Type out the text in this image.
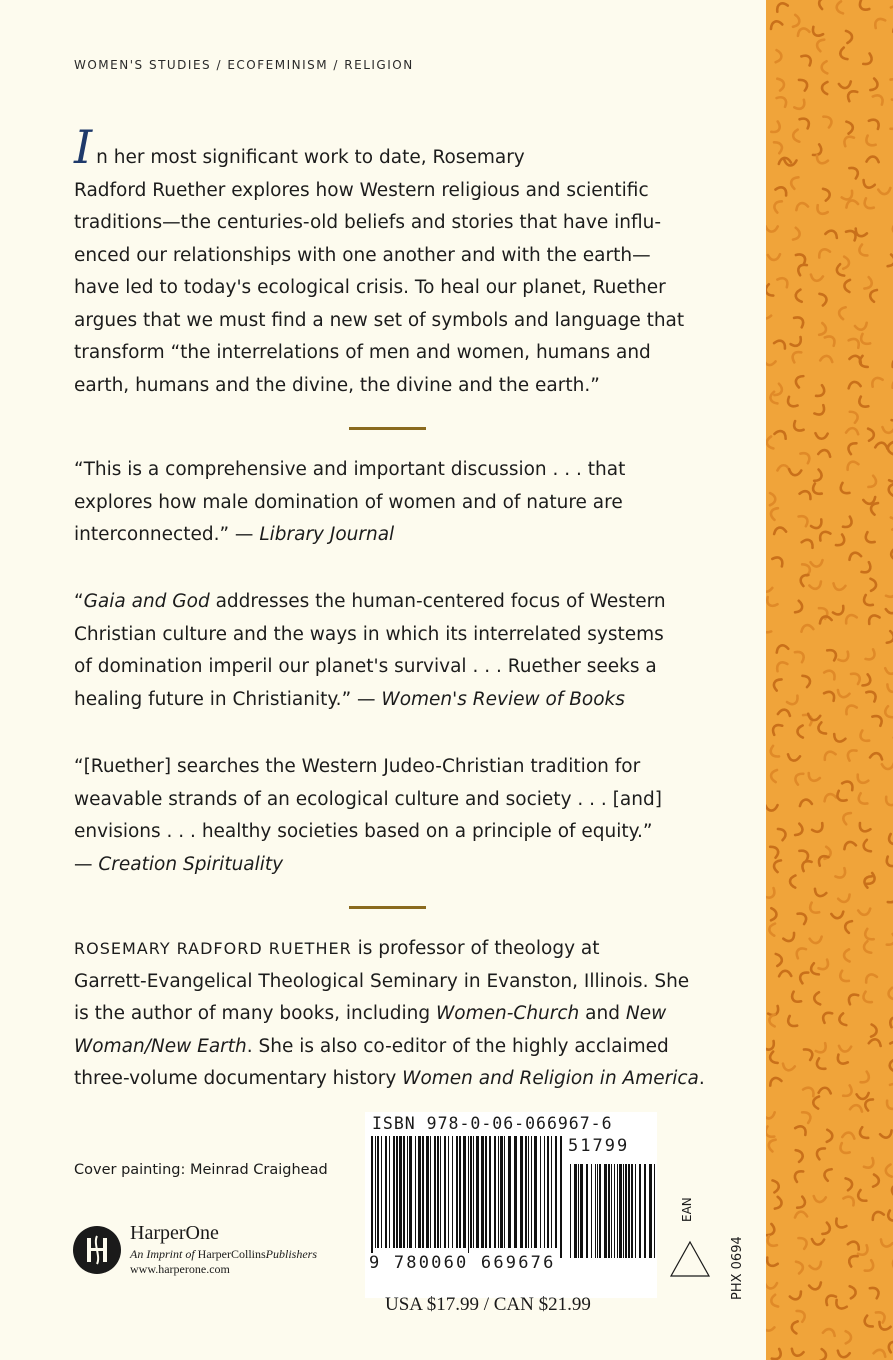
WOMEN'S STUDIES / ECOFEMINISM / RELIGION
In her most significant work to date, Rosemary
Radford Ruether explores how Western religious and scientific
traditions—the centuries-old beliefs and stories that have influ-
enced our relationships with one another and with the earth—
have led to today's ecological crisis. To heal our planet, Ruether
argues that we must find a new set of symbols and language that
transform “the interrelations of men and women, humans and
earth, humans and the divine, the divine and the earth.”
“This is a comprehensive and important discussion . . . that
explores how male domination of women and of nature are
interconnected.” — Library Journal
“Gaia and God addresses the human-centered focus of Western
Christian culture and the ways in which its interrelated systems
of domination imperil our planet's survival . . . Ruether seeks a
healing future in Christianity.” — Women's Review of Books
“[Ruether] searches the Western Judeo-Christian tradition for
weavable strands of an ecological culture and society . . . [and]
envisions . . . healthy societies based on a principle of equity.”
— Creation Spirituality
ROSEMARY RADFORD RUETHER is professor of theology at
Garrett-Evangelical Theological Seminary in Evanston, Illinois. She
is the author of many books, including Women-Church and New
Woman/New Earth. She is also co-editor of the highly acclaimed
three-volume documentary history Women and Religion in America.
Cover painting: Meinrad Craighead
HarperOne
An Imprint of HarperCollinsPublishers
www.harperone.com
ISBN 978-0-06-066967-6
51799
9 780060 669676
EAN
PHX 0694
USA $17.99 / CAN $21.99
